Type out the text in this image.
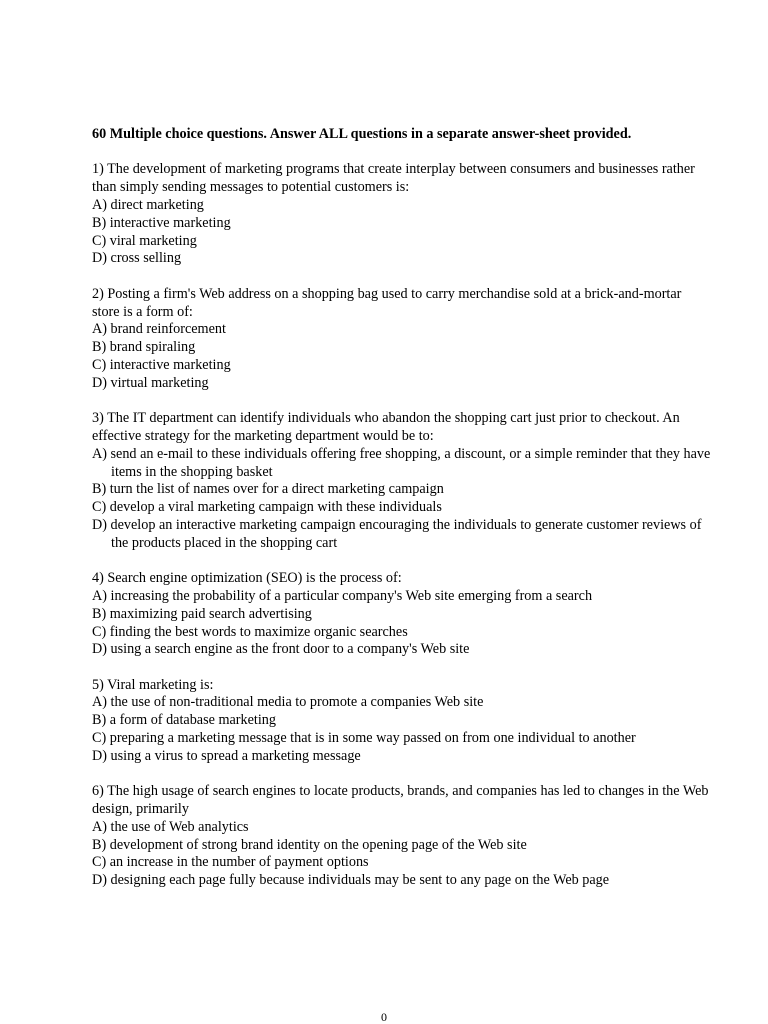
60 Multiple choice questions. Answer ALL questions in a separate answer-sheet provided.

1) The development of marketing programs that create interplay between consumers and businesses rather than simply sending messages to potential customers is:

A) direct marketing

B) interactive marketing

C) viral marketing

D) cross selling

2) Posting a firm's Web address on a shopping bag used to carry merchandise sold at a brick-and-mortar store is a form of:

A) brand reinforcement

B) brand spiraling

C) interactive marketing

D) virtual marketing

3) The IT department can identify individuals who abandon the shopping cart just prior to checkout. An effective strategy for the marketing department would be to:

A) send an e-mail to these individuals offering free shopping, a discount, or a simple reminder that they have items in the shopping basket

B) turn the list of names over for a direct marketing campaign

C) develop a viral marketing campaign with these individuals

D) develop an interactive marketing campaign encouraging the individuals to generate customer reviews of the products placed in the shopping cart

4) Search engine optimization (SEO) is the process of:

A) increasing the probability of a particular company's Web site emerging from a search

B) maximizing paid search advertising

C) finding the best words to maximize organic searches

D) using a search engine as the front door to a company's Web site

5) Viral marketing is:

A) the use of non-traditional media to promote a companies Web site

B) a form of database marketing

C) preparing a marketing message that is in some way passed on from one individual to another

D) using a virus to spread a marketing message

6) The high usage of search engines to locate products, brands, and companies has led to changes in the Web design, primarily

A) the use of Web analytics

B) development of strong brand identity on the opening page of the Web site

C) an increase in the number of payment options

D) designing each page fully because individuals may be sent to any page on the Web page

0
